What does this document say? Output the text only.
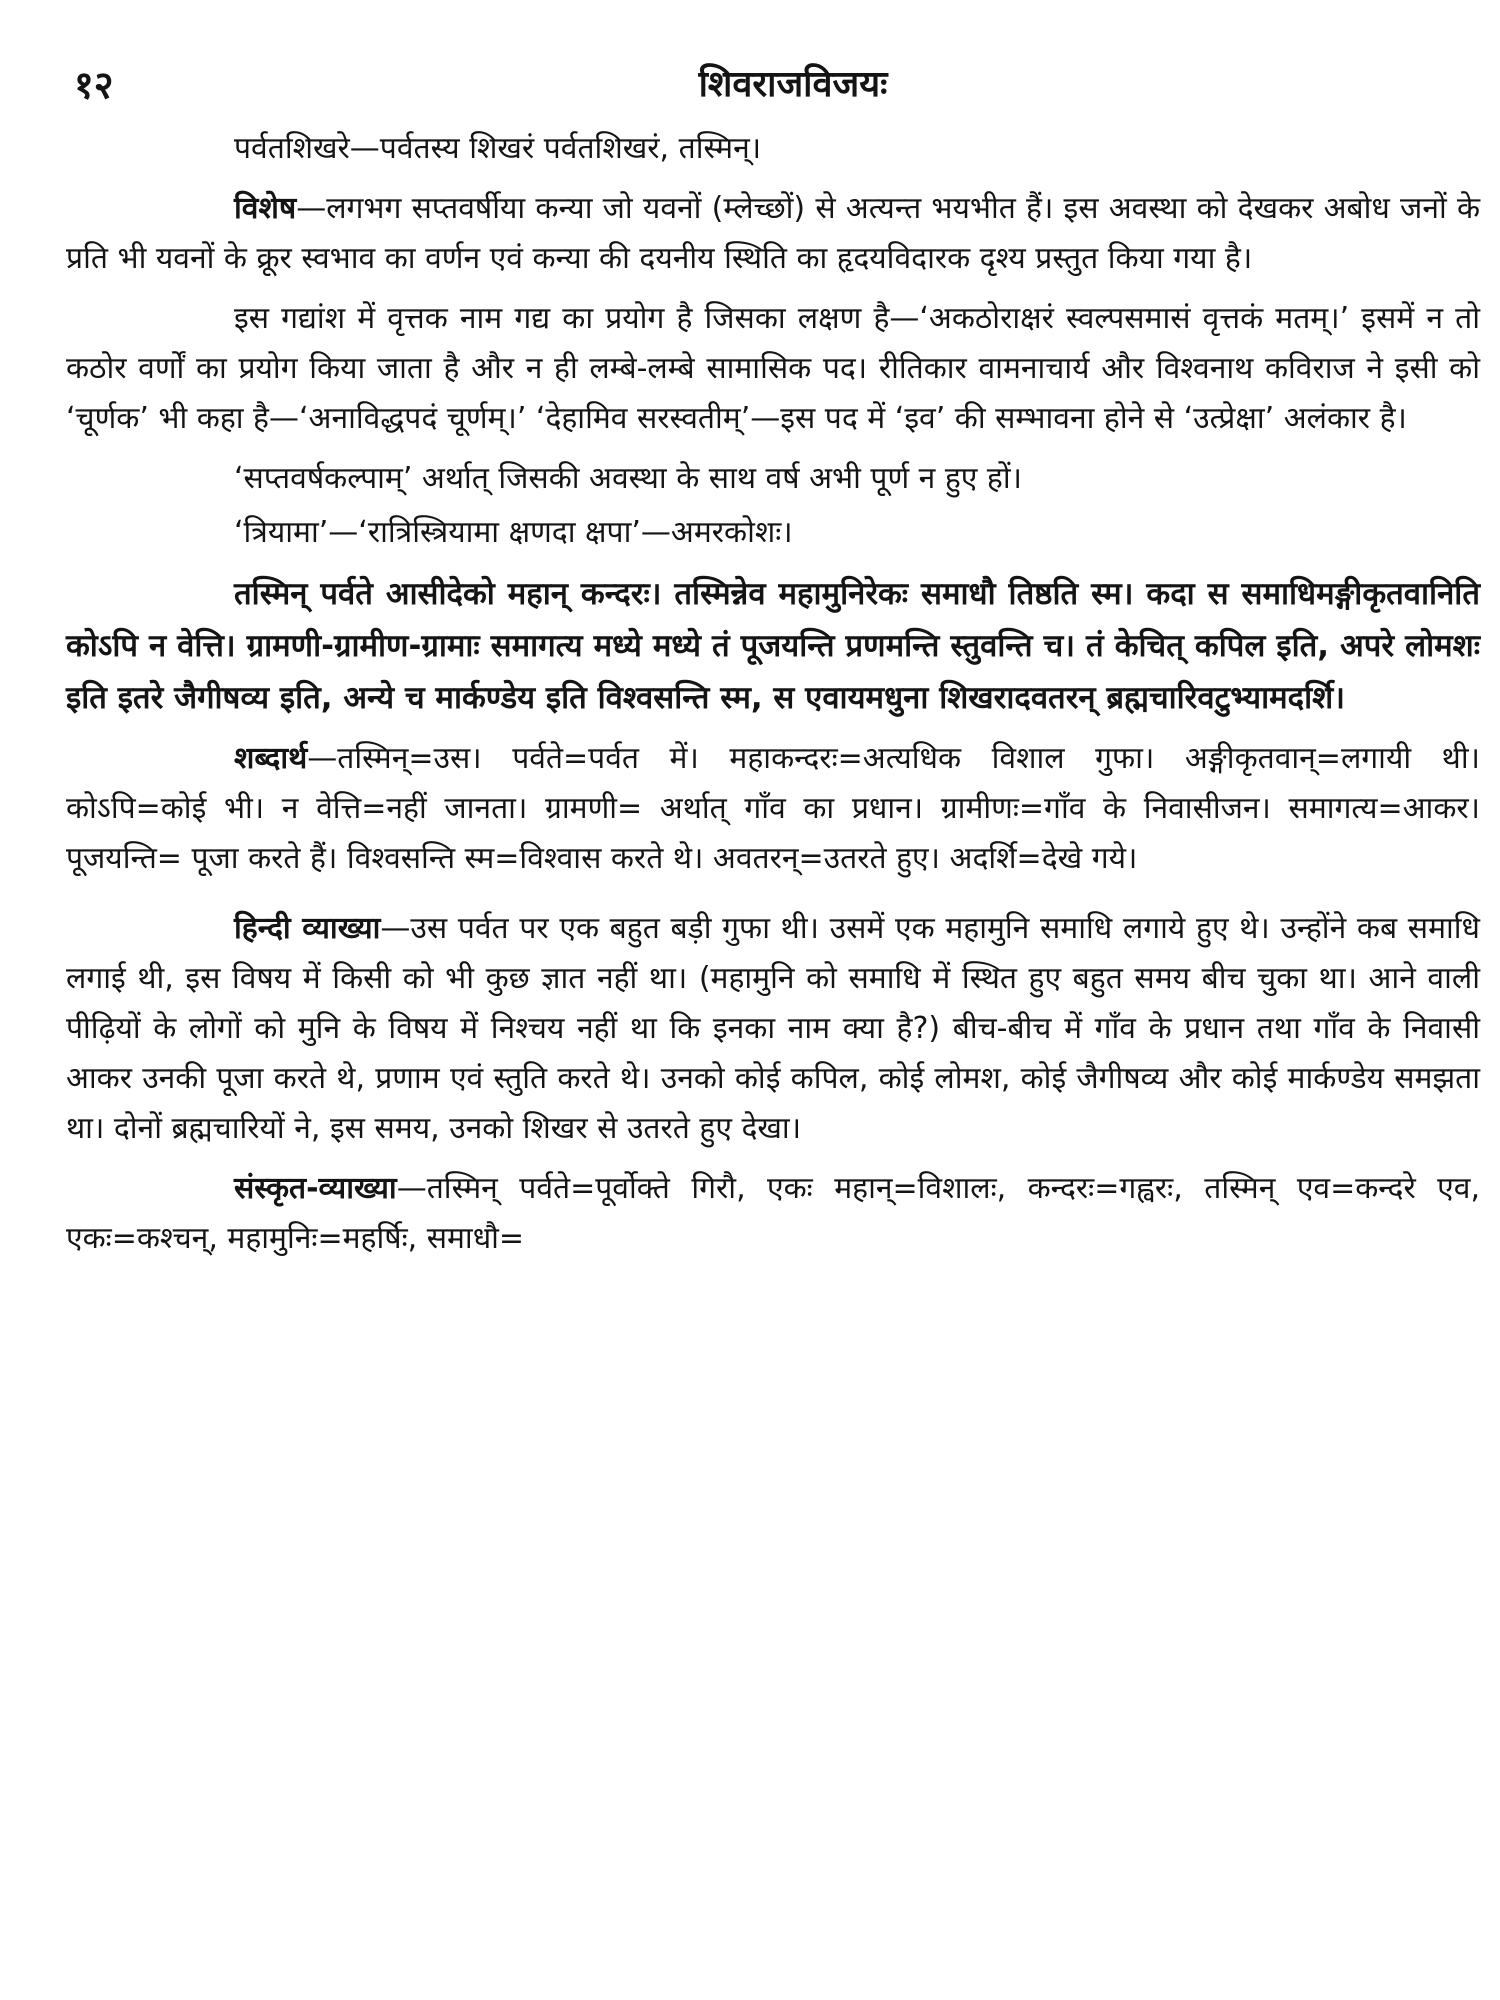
१२	शिवराजविजयः

पर्वतशिखरे—पर्वतस्य शिखरं पर्वतशिखरं, तस्मिन्।

विशेष—लगभग सप्तवर्षीया कन्या जो यवनों (म्लेच्छों) से अत्यन्त भयभीत हैं। इस अवस्था को देखकर अबोध जनों के प्रति भी यवनों के क्रूर स्वभाव का वर्णन एवं कन्या की दयनीय स्थिति का हृदयविदारक दृश्य प्रस्तुत किया गया है।

इस गद्यांश में वृत्तक नाम गद्य का प्रयोग है जिसका लक्षण है—‘अकठोराक्षरं स्वल्पसमासं वृत्तकं मतम्।’ इसमें न तो कठोर वर्णों का प्रयोग किया जाता है और न ही लम्बे-लम्बे सामासिक पद। रीतिकार वामनाचार्य और विश्वनाथ कविराज ने इसी को ‘चूर्णक’ भी कहा है—‘अनाविद्धपदं चूर्णम्।’ ‘देहामिव सरस्वतीम्’—इस पद में ‘इव’ की सम्भावना होने से ‘उत्प्रेक्षा’ अलंकार है।

‘सप्तवर्षकल्पाम्’ अर्थात् जिसकी अवस्था के साथ वर्ष अभी पूर्ण न हुए हों।

‘त्रियामा’—‘रात्रिस्त्रियामा क्षणदा क्षपा’—अमरकोशः।

तस्मिन् पर्वते आसीदेको महान् कन्दरः। तस्मिन्नेव महामुनिरेकः समाधौ तिष्ठति स्म। कदा स समाधिमङ्गीकृतवानिति कोऽपि न वेत्ति। ग्रामणी-ग्रामीण-ग्रामाः समागत्य मध्ये मध्ये तं पूजयन्ति प्रणमन्ति स्तुवन्ति च। तं केचित् कपिल इति, अपरे लोमशः इति इतरे जैगीषव्य इति, अन्ये च मार्कण्डेय इति विश्वसन्ति स्म, स एवायमधुना शिखरादवतरन् ब्रह्मचारिवटुभ्यामदर्शि।

शब्दार्थ—तस्मिन्=उस। पर्वते=पर्वत में। महाकन्दरः=अत्यधिक विशाल गुफा। अङ्गीकृतवान्=लगायी थी। कोऽपि=कोई भी। न वेत्ति=नहीं जानता। ग्रामणी= अर्थात् गाँव का प्रधान। ग्रामीणः=गाँव के निवासीजन। समागत्य=आकर। पूजयन्ति= पूजा करते हैं। विश्वसन्ति स्म=विश्वास करते थे। अवतरन्=उतरते हुए। अदर्शि=देखे गये।

हिन्दी व्याख्या—उस पर्वत पर एक बहुत बड़ी गुफा थी। उसमें एक महामुनि समाधि लगाये हुए थे। उन्होंने कब समाधि लगाई थी, इस विषय में किसी को भी कुछ ज्ञात नहीं था। (महामुनि को समाधि में स्थित हुए बहुत समय बीच चुका था। आने वाली पीढ़ियों के लोगों को मुनि के विषय में निश्चय नहीं था कि इनका नाम क्या है?) बीच-बीच में गाँव के प्रधान तथा गाँव के निवासी आकर उनकी पूजा करते थे, प्रणाम एवं स्तुति करते थे। उनको कोई कपिल, कोई लोमश, कोई जैगीषव्य और कोई मार्कण्डेय समझता था। दोनों ब्रह्मचारियों ने, इस समय, उनको शिखर से उतरते हुए देखा।

संस्कृत-व्याख्या—तस्मिन् पर्वते=पूर्वोक्ते गिरौ, एकः महान्=विशालः, कन्दरः=गह्वरः, तस्मिन् एव=कन्दरे एव, एकः=कश्चन्, महामुनिः=महर्षिः, समाधौ=
